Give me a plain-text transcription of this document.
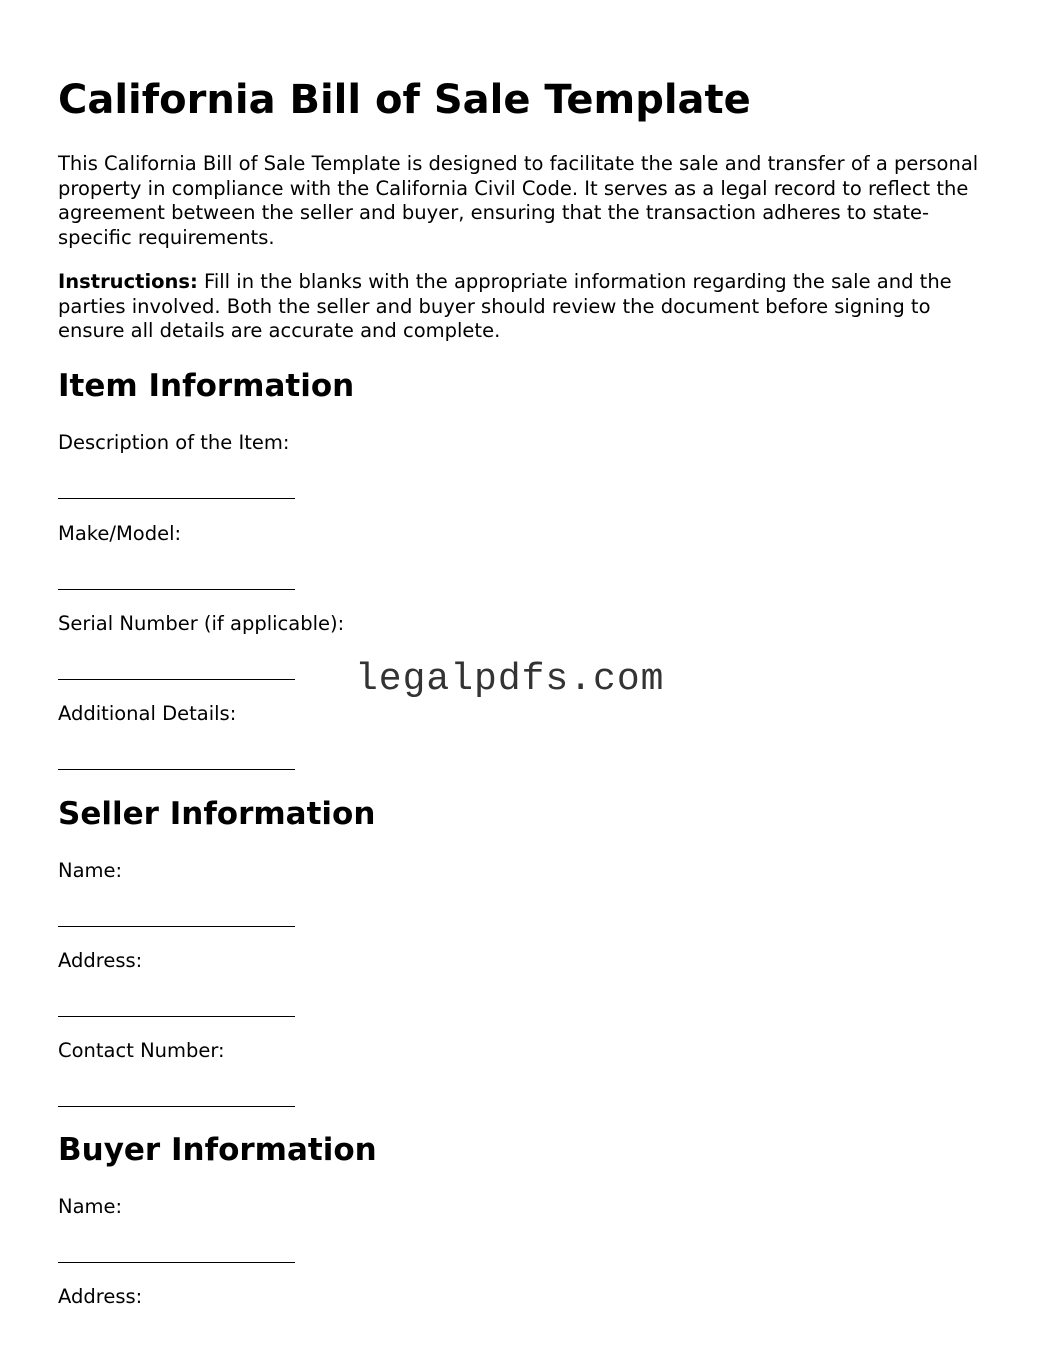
California Bill of Sale Template

This California Bill of Sale Template is designed to facilitate the sale and transfer of a personal property in compliance with the California Civil Code. It serves as a legal record to reflect the agreement between the seller and buyer, ensuring that the transaction adheres to state-specific requirements.

Instructions: Fill in the blanks with the appropriate information regarding the sale and the parties involved. Both the seller and buyer should review the document before signing to ensure all details are accurate and complete.

Item Information
Description of the Item:
Make/Model:
Serial Number (if applicable):
Additional Details:
Seller Information
Name:
Address:
Contact Number:
Buyer Information
Name:
Address:
legalpdfs.com
